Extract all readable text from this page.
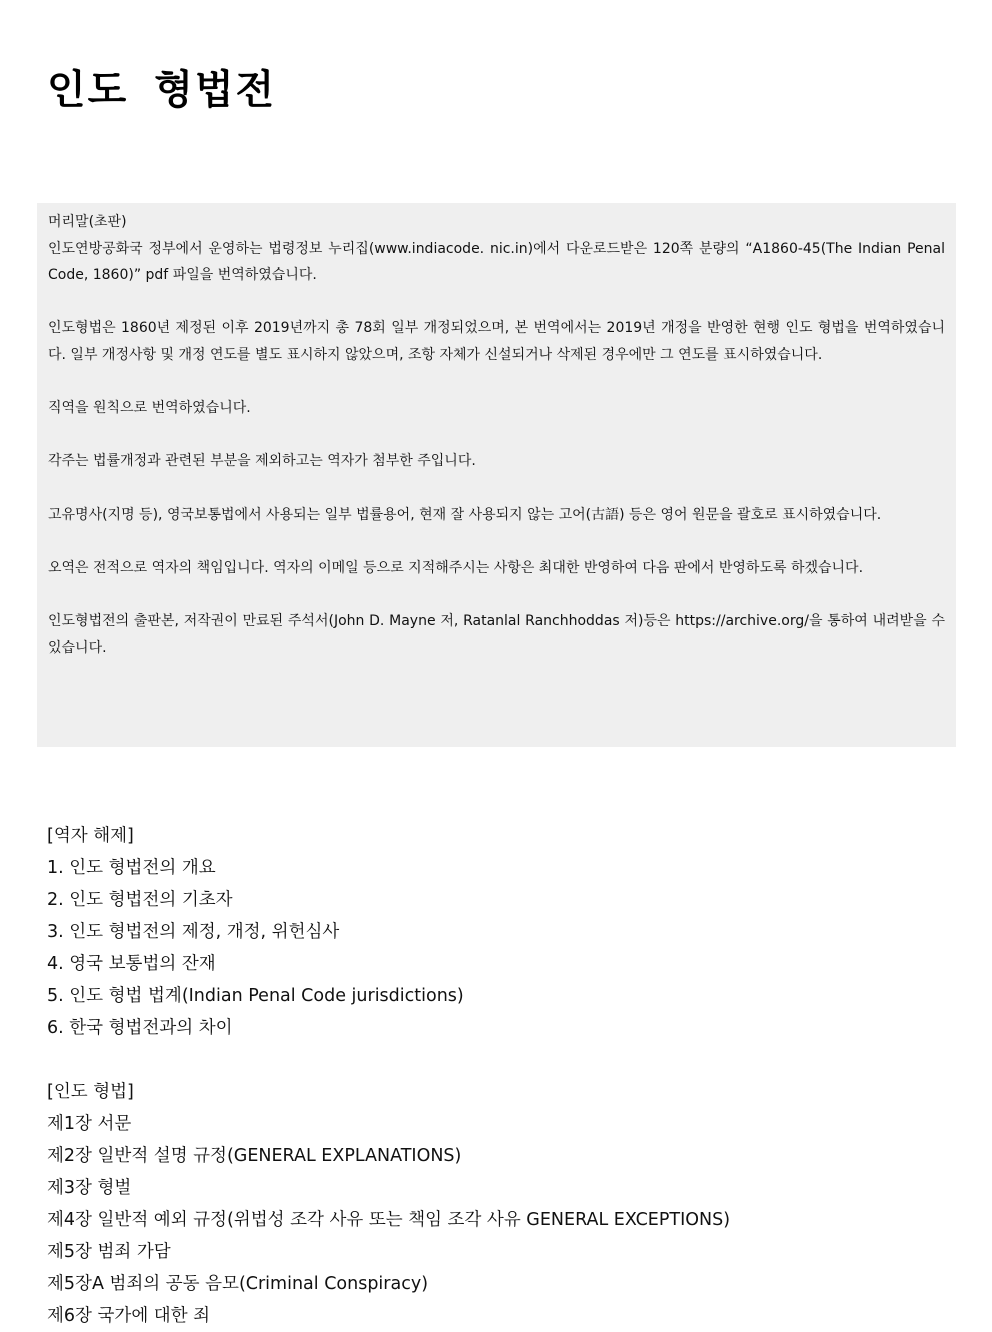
인도 형법전

머리말(초판)

인도연방공화국 정부에서 운영하는 법령정보 누리집(www.indiacode. nic.in)에서 다운로드받은 120쪽 분량의 “A1860-45(The Indian Penal Code, 1860)” pdf 파일을 번역하였습니다.

인도형법은 1860년 제정된 이후 2019년까지 총 78회 일부 개정되었으며, 본 번역에서는 2019년 개정을 반영한 현행 인도 형법을 번역하였습니다. 일부 개정사항 및 개정 연도를 별도 표시하지 않았으며, 조항 자체가 신설되거나 삭제된 경우에만 그 연도를 표시하였습니다.

직역을 원칙으로 번역하였습니다.

각주는 법률개정과 관련된 부분을 제외하고는 역자가 첨부한 주입니다.

고유명사(지명 등), 영국보통법에서 사용되는 일부 법률용어, 현재 잘 사용되지 않는 고어(古語) 등은 영어 원문을 괄호로 표시하였습니다.

오역은 전적으로 역자의 책임입니다. 역자의 이메일 등으로 지적해주시는 사항은 최대한 반영하여 다음 판에서 반영하도록 하겠습니다.

인도형법전의 출판본, 저작권이 만료된 주석서(John D. Mayne 저, Ratanlal Ranchhoddas 저)등은 https://archive.org/을 통하여 내려받을 수 있습니다.

[역자 해제]
1. 인도 형법전의 개요
2. 인도 형법전의 기초자
3. 인도 형법전의 제정, 개정, 위헌심사
4. 영국 보통법의 잔재
5. 인도 형법 법계(Indian Penal Code jurisdictions)
6. 한국 형법전과의 차이
[인도 형법]
제1장 서문
제2장 일반적 설명 규정(GENERAL EXPLANATIONS)
제3장 형벌
제4장 일반적 예외 규정(위법성 조각 사유 또는 책임 조각 사유 GENERAL EXCEPTIONS)
제5장 범죄 가담
제5장A 범죄의 공동 음모(Criminal Conspiracy)
제6장 국가에 대한 죄
